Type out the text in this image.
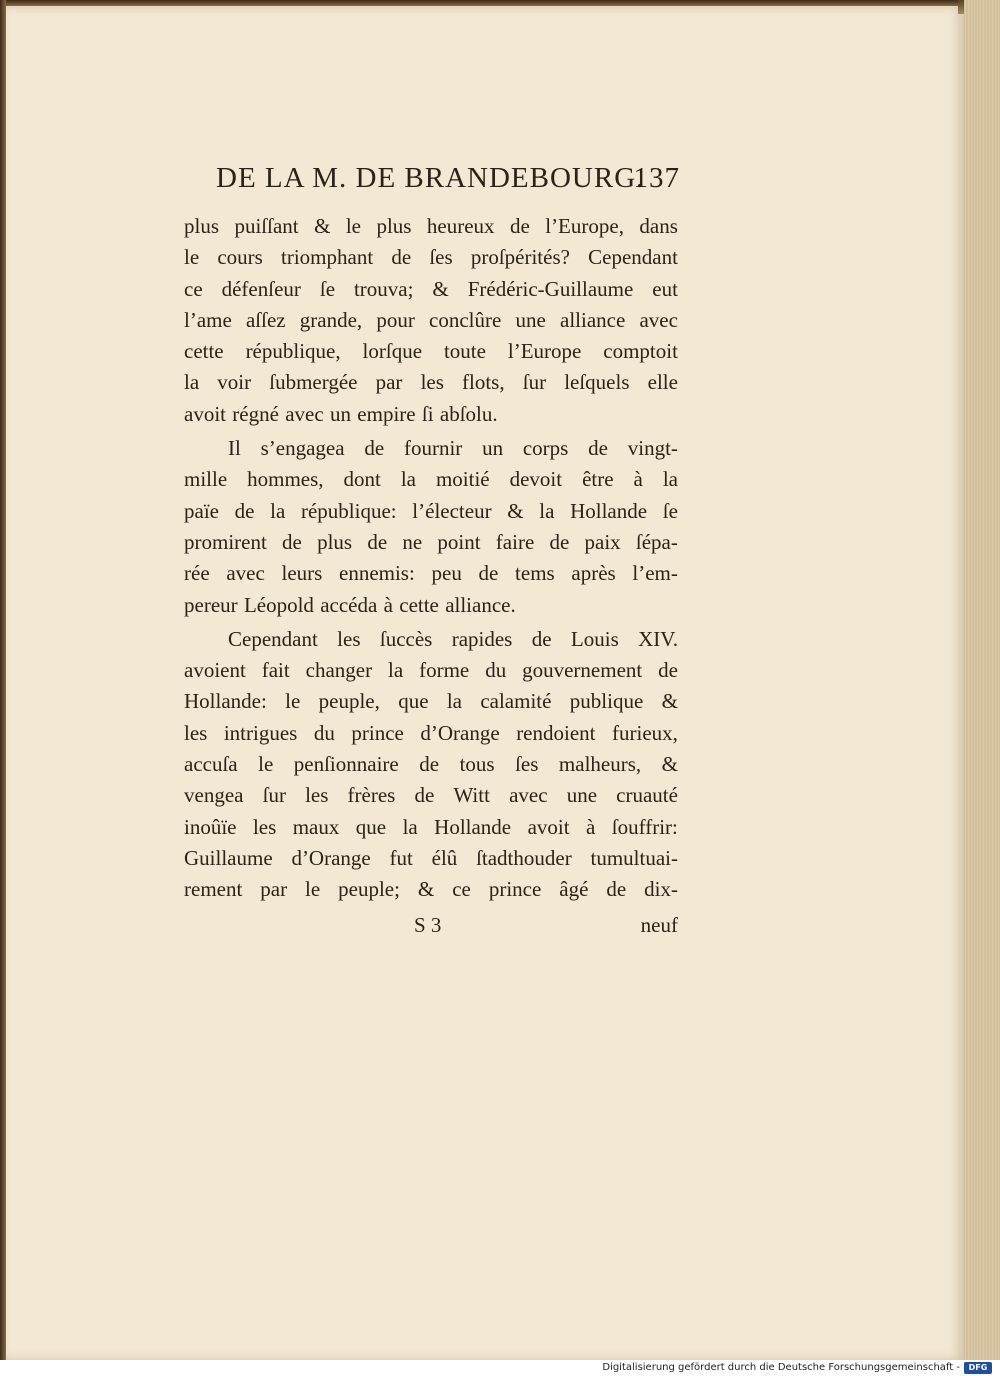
DE LA M. DE BRANDEBOURG.
137
plus puiſſant & le plus heureux de l’Europe, dans
le cours triomphant de ſes proſpérités? Cependant
ce défenſeur ſe trouva; & Frédéric-Guillaume eut
l’ame aſſez grande, pour conclûre une alliance avec
cette république, lorſque toute l’Europe comptoit
la voir ſubmergée par les flots, ſur leſquels elle
avoit régné avec un empire ſi abſolu.
Il s’engagea de fournir un corps de vingt-
mille hommes, dont la moitié devoit être à la
païe de la république: l’électeur & la Hollande ſe
promirent de plus de ne point faire de paix ſépa-
rée avec leurs ennemis: peu de tems après l’em-
pereur Léopold accéda à cette alliance.
Cependant les ſuccès rapides de Louis XIV.
avoient fait changer la forme du gouvernement de
Hollande: le peuple, que la calamité publique &
les intrigues du prince d’Orange rendoient furieux,
accuſa le penſionnaire de tous ſes malheurs, &
vengea ſur les frères de Witt avec une cruauté
inoûïe les maux que la Hollande avoit à ſouffrir:
Guillaume d’Orange fut élû ſtadthouder tumultuai-
rement par le peuple; & ce prince âgé de dix-
S 3	neuf
Digitalisierung gefördert durch die Deutsche Forschungsgemeinschaft -	DFG
